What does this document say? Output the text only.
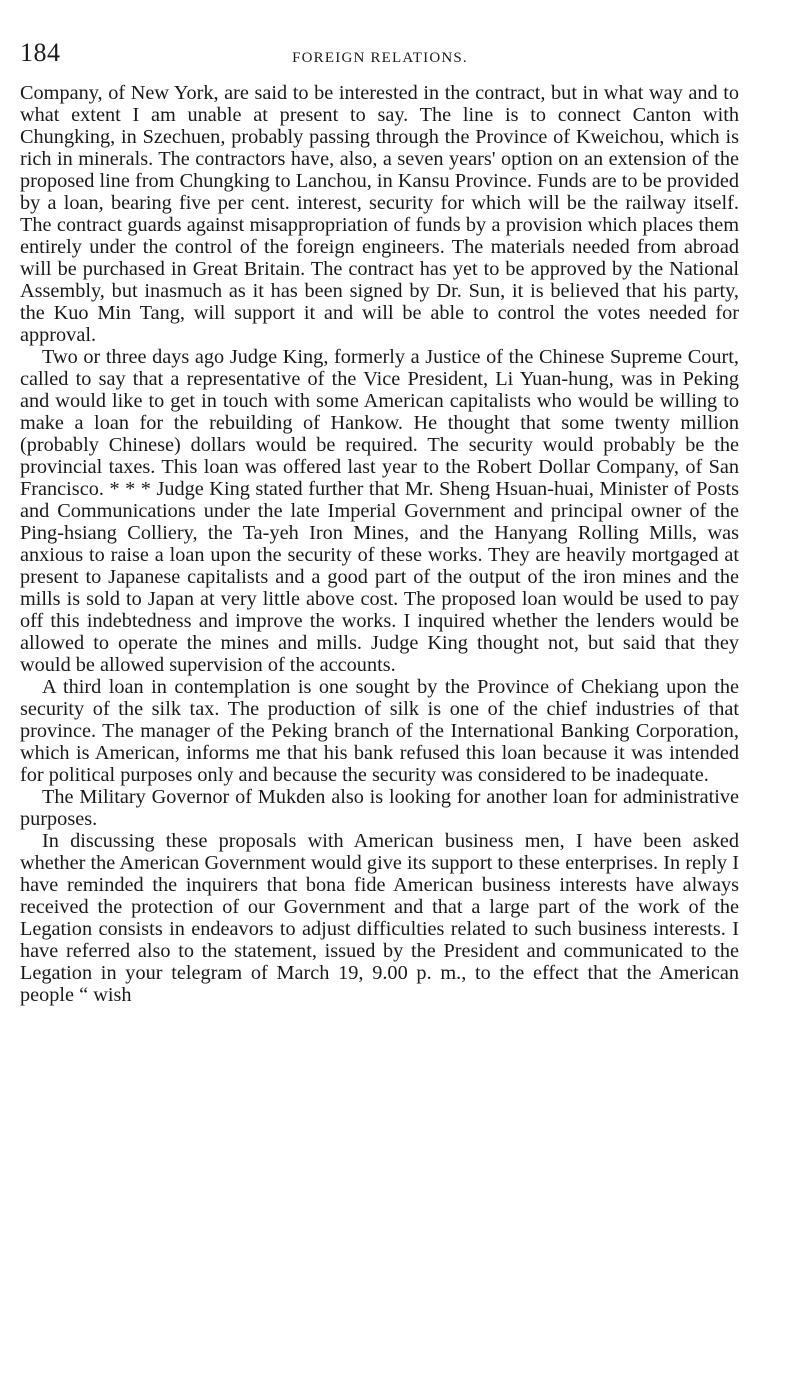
184	FOREIGN RELATIONS.

Company, of New York, are said to be interested in the contract, but in what way and to what extent I am unable at present to say. The line is to connect Canton with Chungking, in Szechuen, probably passing through the Province of Kweichou, which is rich in minerals. The contractors have, also, a seven years' option on an extension of the proposed line from Chungking to Lanchou, in Kansu Province. Funds are to be provided by a loan, bearing five per cent. interest, security for which will be the railway itself. The contract guards against misappropriation of funds by a provision which places them entirely under the control of the foreign engineers. The materials needed from abroad will be purchased in Great Britain. The contract has yet to be approved by the National Assembly, but inasmuch as it has been signed by Dr. Sun, it is believed that his party, the Kuo Min Tang, will support it and will be able to control the votes needed for approval.

Two or three days ago Judge King, formerly a Justice of the Chinese Supreme Court, called to say that a representative of the Vice President, Li Yuan-hung, was in Peking and would like to get in touch with some American capitalists who would be willing to make a loan for the rebuilding of Hankow. He thought that some twenty million (probably Chinese) dollars would be required. The security would probably be the provincial taxes. This loan was offered last year to the Robert Dollar Company, of San Francisco. * * * Judge King stated further that Mr. Sheng Hsuan-huai, Minister of Posts and Communications under the late Imperial Government and principal owner of the Ping-hsiang Colliery, the Ta-yeh Iron Mines, and the Hanyang Rolling Mills, was anxious to raise a loan upon the security of these works. They are heavily mortgaged at present to Japanese capitalists and a good part of the output of the iron mines and the mills is sold to Japan at very little above cost. The proposed loan would be used to pay off this indebtedness and improve the works. I inquired whether the lenders would be allowed to operate the mines and mills. Judge King thought not, but said that they would be allowed supervision of the accounts.

A third loan in contemplation is one sought by the Province of Chekiang upon the security of the silk tax. The production of silk is one of the chief industries of that province. The manager of the Peking branch of the International Banking Corporation, which is American, informs me that his bank refused this loan because it was intended for political purposes only and because the security was considered to be inadequate.

The Military Governor of Mukden also is looking for another loan for administrative purposes.

In discussing these proposals with American business men, I have been asked whether the American Government would give its support to these enterprises. In reply I have reminded the inquirers that bona fide American business interests have always received the protection of our Government and that a large part of the work of the Legation consists in endeavors to adjust difficulties related to such business interests. I have referred also to the statement, issued by the President and communicated to the Legation in your telegram of March 19, 9.00 p. m., to the effect that the American people “ wish
